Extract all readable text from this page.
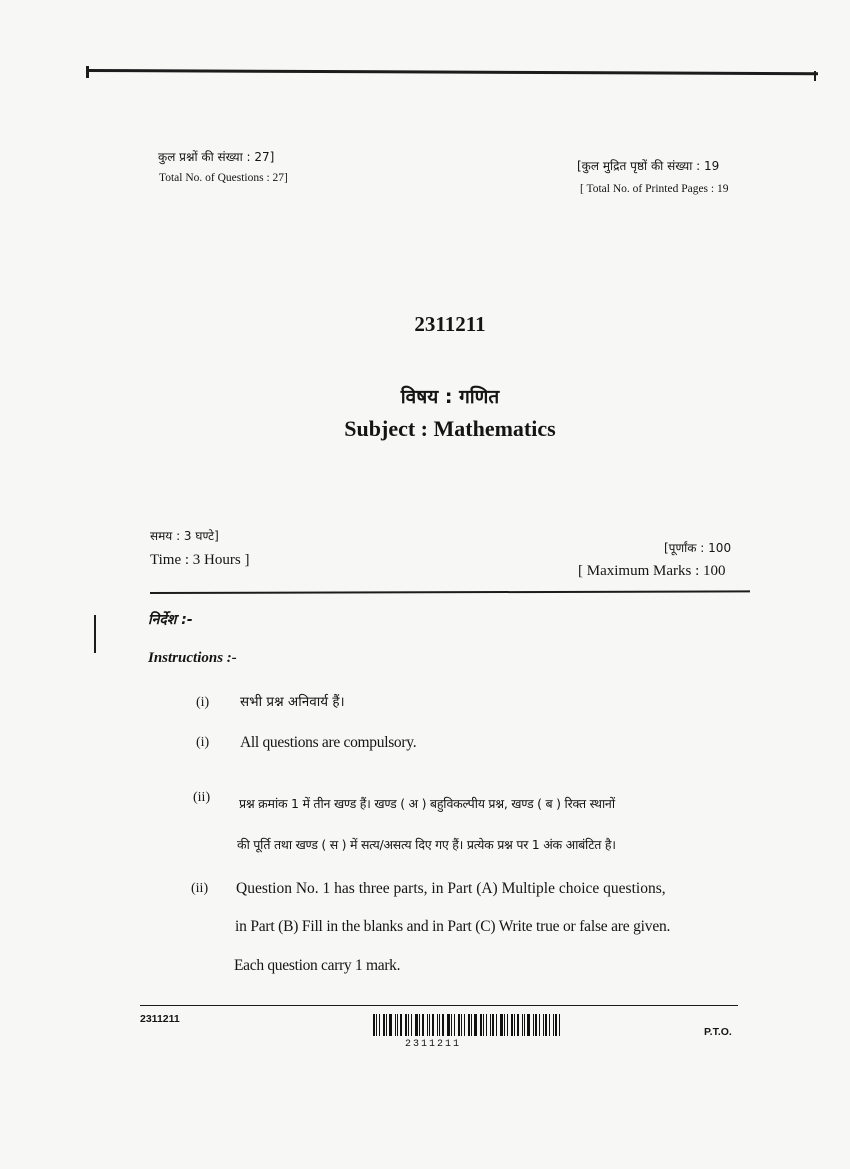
कुल प्रश्नों की संख्या : 27]
Total No. of Questions : 27]
[कुल मुद्रित पृष्ठों की संख्या : 19
[ Total No. of Printed Pages : 19
2311211
विषय : गणित
Subject : Mathematics
समय : 3 घण्टे]
Time : 3 Hours ]
[पूर्णांक : 100
[ Maximum Marks : 100
निर्देश :-
Instructions :-
(i)	सभी प्रश्न अनिवार्य हैं।
(i)	All questions are compulsory.
(ii)	प्रश्न क्रमांक 1 में तीन खण्ड हैं। खण्ड ( अ ) बहुविकल्पीय प्रश्न, खण्ड ( ब ) रिक्त स्थानों
की पूर्ति तथा खण्ड ( स ) में सत्य/असत्य दिए गए हैं। प्रत्येक प्रश्न पर 1 अंक आबंटित है।
(ii)	Question No. 1 has three parts, in Part (A) Multiple choice questions,
in Part (B) Fill in the blanks and in Part (C) Write true or false are given.
Each question carry 1 mark.
2311211
2311211
P.T.O.
